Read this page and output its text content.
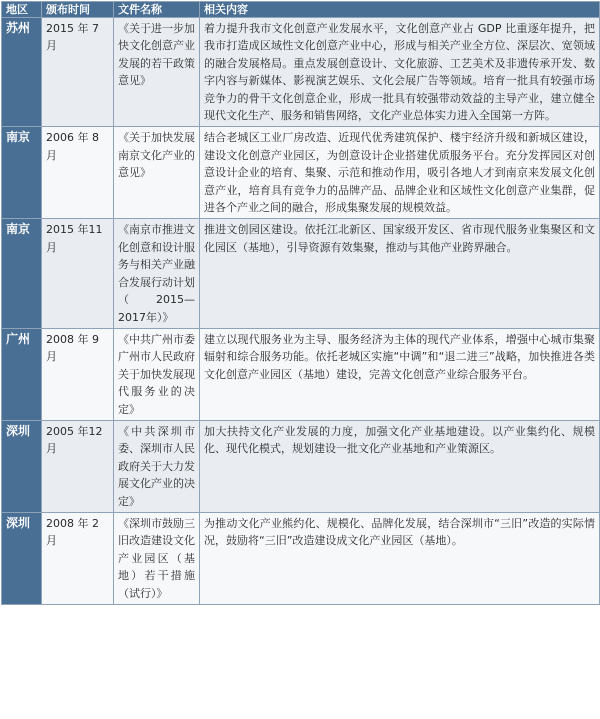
地区	颁布时间	文件名称	相关内容
苏州	2015 年 7 月	《关于进一步加快文化创意产业发展的若干政策意见》	着力提升我市文化创意产业发展水平，文化创意产业占 GDP 比重逐年提升，把我市打造成区域性文化创意产业中心，形成与相关产业全方位、深层次、宽领域的融合发展格局。重点发展创意设计、文化旅游、工艺美术及非遗传承开发、数字内容与新媒体、影视演艺娱乐、文化会展广告等领域。培育一批具有较强市场竞争力的骨干文化创意企业，形成一批具有较强带动效益的主导产业，建立健全现代文化生产、服务和销售网络，文化产业总体实力进入全国第一方阵。
南京	2006 年 8 月	《关于加快发展南京文化产业的意见》	结合老城区工业厂房改造、近现代优秀建筑保护、楼宇经济升级和新城区建设，建设文化创意产业园区，为创意设计企业搭建优质服务平台。充分发挥园区对创意设计企业的培育、集聚、示范和推动作用，吸引各地人才到南京来发展文化创意产业，培育具有竞争力的品牌产品、品牌企业和区域性文化创意产业集群，促进各个产业之间的融合，形成集聚发展的规模效益。
南京	2015 年11 月	《南京市推进文化创意和设计服务与相关产业融合发展行动计划（2015—2017年）》	推进文创园区建设。依托江北新区、国家级开发区、省市现代服务业集聚区和文化园区（基地），引导资源有效集聚，推动与其他产业跨界融合。
广州	2008 年 9 月	《中共广州市委广州市人民政府关于加快发展现代服务业的决定》	建立以现代服务业为主导、服务经济为主体的现代产业体系，增强中心城市集聚辐射和综合服务功能。依托老城区实施“中调”和“退二进三”战略，加快推进各类文化创意产业园区（基地）建设，完善文化创意产业综合服务平台。
深圳	2005 年12 月	《中共深圳市委、深圳市人民政府关于大力发展文化产业的决定》	加大扶持文化产业发展的力度，加强文化产业基地建设。以产业集约化、规模化、现代化模式，规划建设一批文化产业基地和产业策源区。
深圳	2008 年 2 月	《深圳市鼓励三旧改造建设文化产业园区（基地）若干措施（试行）》	为推动文化产业熊约化、规模化、品牌化发展，结合深圳市“三旧”改造的实际情况，鼓励将“三旧”改造建设成文化产业园区（基地）。
